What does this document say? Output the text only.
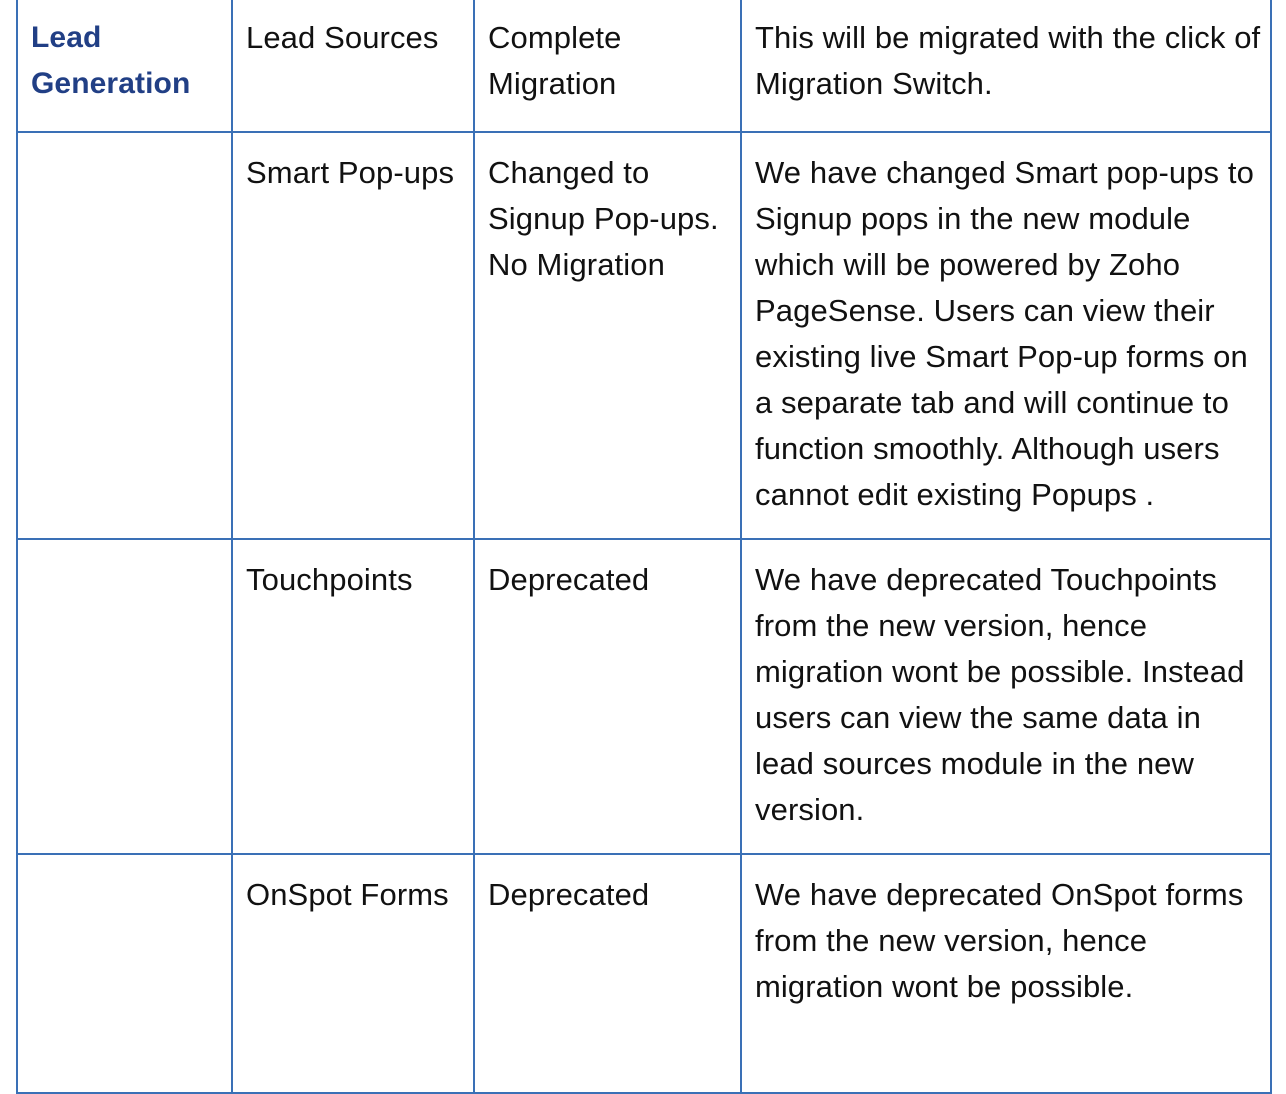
Lead Generation	Lead Sources	Complete Migration	This will be migrated with the click of Migration Switch.
	Smart Pop-ups	Changed to Signup Pop-ups. No Migration	We have changed Smart pop-ups to Signup pops in the new module which will be powered by Zoho PageSense. Users can view their existing live Smart Pop-up forms on a separate tab and will continue to function smoothly. Although users cannot edit existing Popups .
	Touchpoints	Deprecated	We have deprecated Touchpoints from the new version, hence migration wont be possible. Instead users can view the same data in lead sources module in the new version.
	OnSpot Forms	Deprecated	We have deprecated OnSpot forms from the new version, hence migration wont be possible.
